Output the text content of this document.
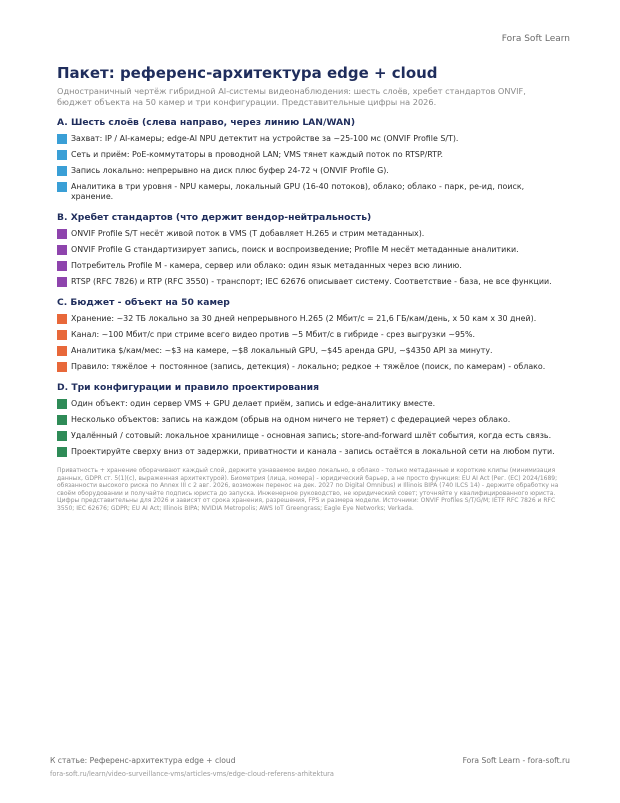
Fora Soft Learn
Пакет: референс-архитектура edge + cloud
Одностраничный чертёж гибридной AI-системы видеонаблюдения: шесть слоёв, хребет стандартов ONVIF, бюджет объекта на 50 камер и три конфигурации. Представительные цифры на 2026.
A. Шесть слоёв (слева направо, через линию LAN/WAN)
Захват: IP / AI-камеры; edge-AI NPU детектит на устройстве за ~25-100 мс (ONVIF Profile S/T).
Сеть и приём: PoE-коммутаторы в проводной LAN; VMS тянет каждый поток по RTSP/RTP.
Запись локально: непрерывно на диск плюс буфер 24-72 ч (ONVIF Profile G).
Аналитика в три уровня - NPU камеры, локальный GPU (16-40 потоков), облако; облако - парк, ре-ид, поиск, хранение.
B. Хребет стандартов (что держит вендор-нейтральность)
ONVIF Profile S/T несёт живой поток в VMS (T добавляет H.265 и стрим метаданных).
ONVIF Profile G стандартизирует запись, поиск и воспроизведение; Profile M несёт метаданные аналитики.
Потребитель Profile M - камера, сервер или облако: один язык метаданных через всю линию.
RTSP (RFC 7826) и RTP (RFC 3550) - транспорт; IEC 62676 описывает систему. Соответствие - база, не все функции.
C. Бюджет - объект на 50 камер
Хранение: ~32 ТБ локально за 30 дней непрерывного H.265 (2 Мбит/с = 21,6 ГБ/кам/день, х 50 кам х 30 дней).
Канал: ~100 Мбит/с при стриме всего видео против ~5 Мбит/с в гибриде - срез выгрузки ~95%.
Аналитика $/кам/мес: ~$3 на камере, ~$8 локальный GPU, ~$45 аренда GPU, ~$4350 API за минуту.
Правило: тяжёлое + постоянное (запись, детекция) - локально; редкое + тяжёлое (поиск, по камерам) - облако.
D. Три конфигурации и правило проектирования
Один объект: один сервер VMS + GPU делает приём, запись и edge-аналитику вместе.
Несколько объектов: запись на каждом (обрыв на одном ничего не теряет) с федерацией через облако.
Удалённый / сотовый: локальное хранилище - основная запись; store-and-forward шлёт события, когда есть связь.
Проектируйте сверху вниз от задержки, приватности и канала - запись остаётся в локальной сети на любом пути.
Приватность + хранение оборачивают каждый слой, держите узнаваемое видео локально, в облако - только метаданные и короткие клипы (минимизация данных, GDPR ст. 5(1)(c), выраженная архитектурой). Биометрия (лица, номера) - юридический барьер, а не просто функция: EU AI Act (Рег. (ЕС) 2024/1689; обязанности высокого риска по Annex III с 2 авг. 2026, возможен перенос на дек. 2027 по Digital Omnibus) и Illinois BIPA (740 ILCS 14) - держите обработку на своём оборудовании и получайте подпись юриста до запуска. Инженерное руководство, не юридический совет; уточняйте у квалифицированного юриста. Цифры представительны для 2026 и зависят от срока хранения, разрешения, FPS и размера модели. Источники: ONVIF Profiles S/T/G/M; IETF RFC 7826 и RFC 3550; IEC 62676; GDPR; EU AI Act; Illinois BIPA; NVIDIA Metropolis; AWS IoT Greengrass; Eagle Eye Networks; Verkada.
К статье: Референс-архитектура edge + cloud	Fora Soft Learn - fora-soft.ru
fora-soft.ru/learn/video-surveillance-vms/articles-vms/edge-cloud-referens-arhitektura
